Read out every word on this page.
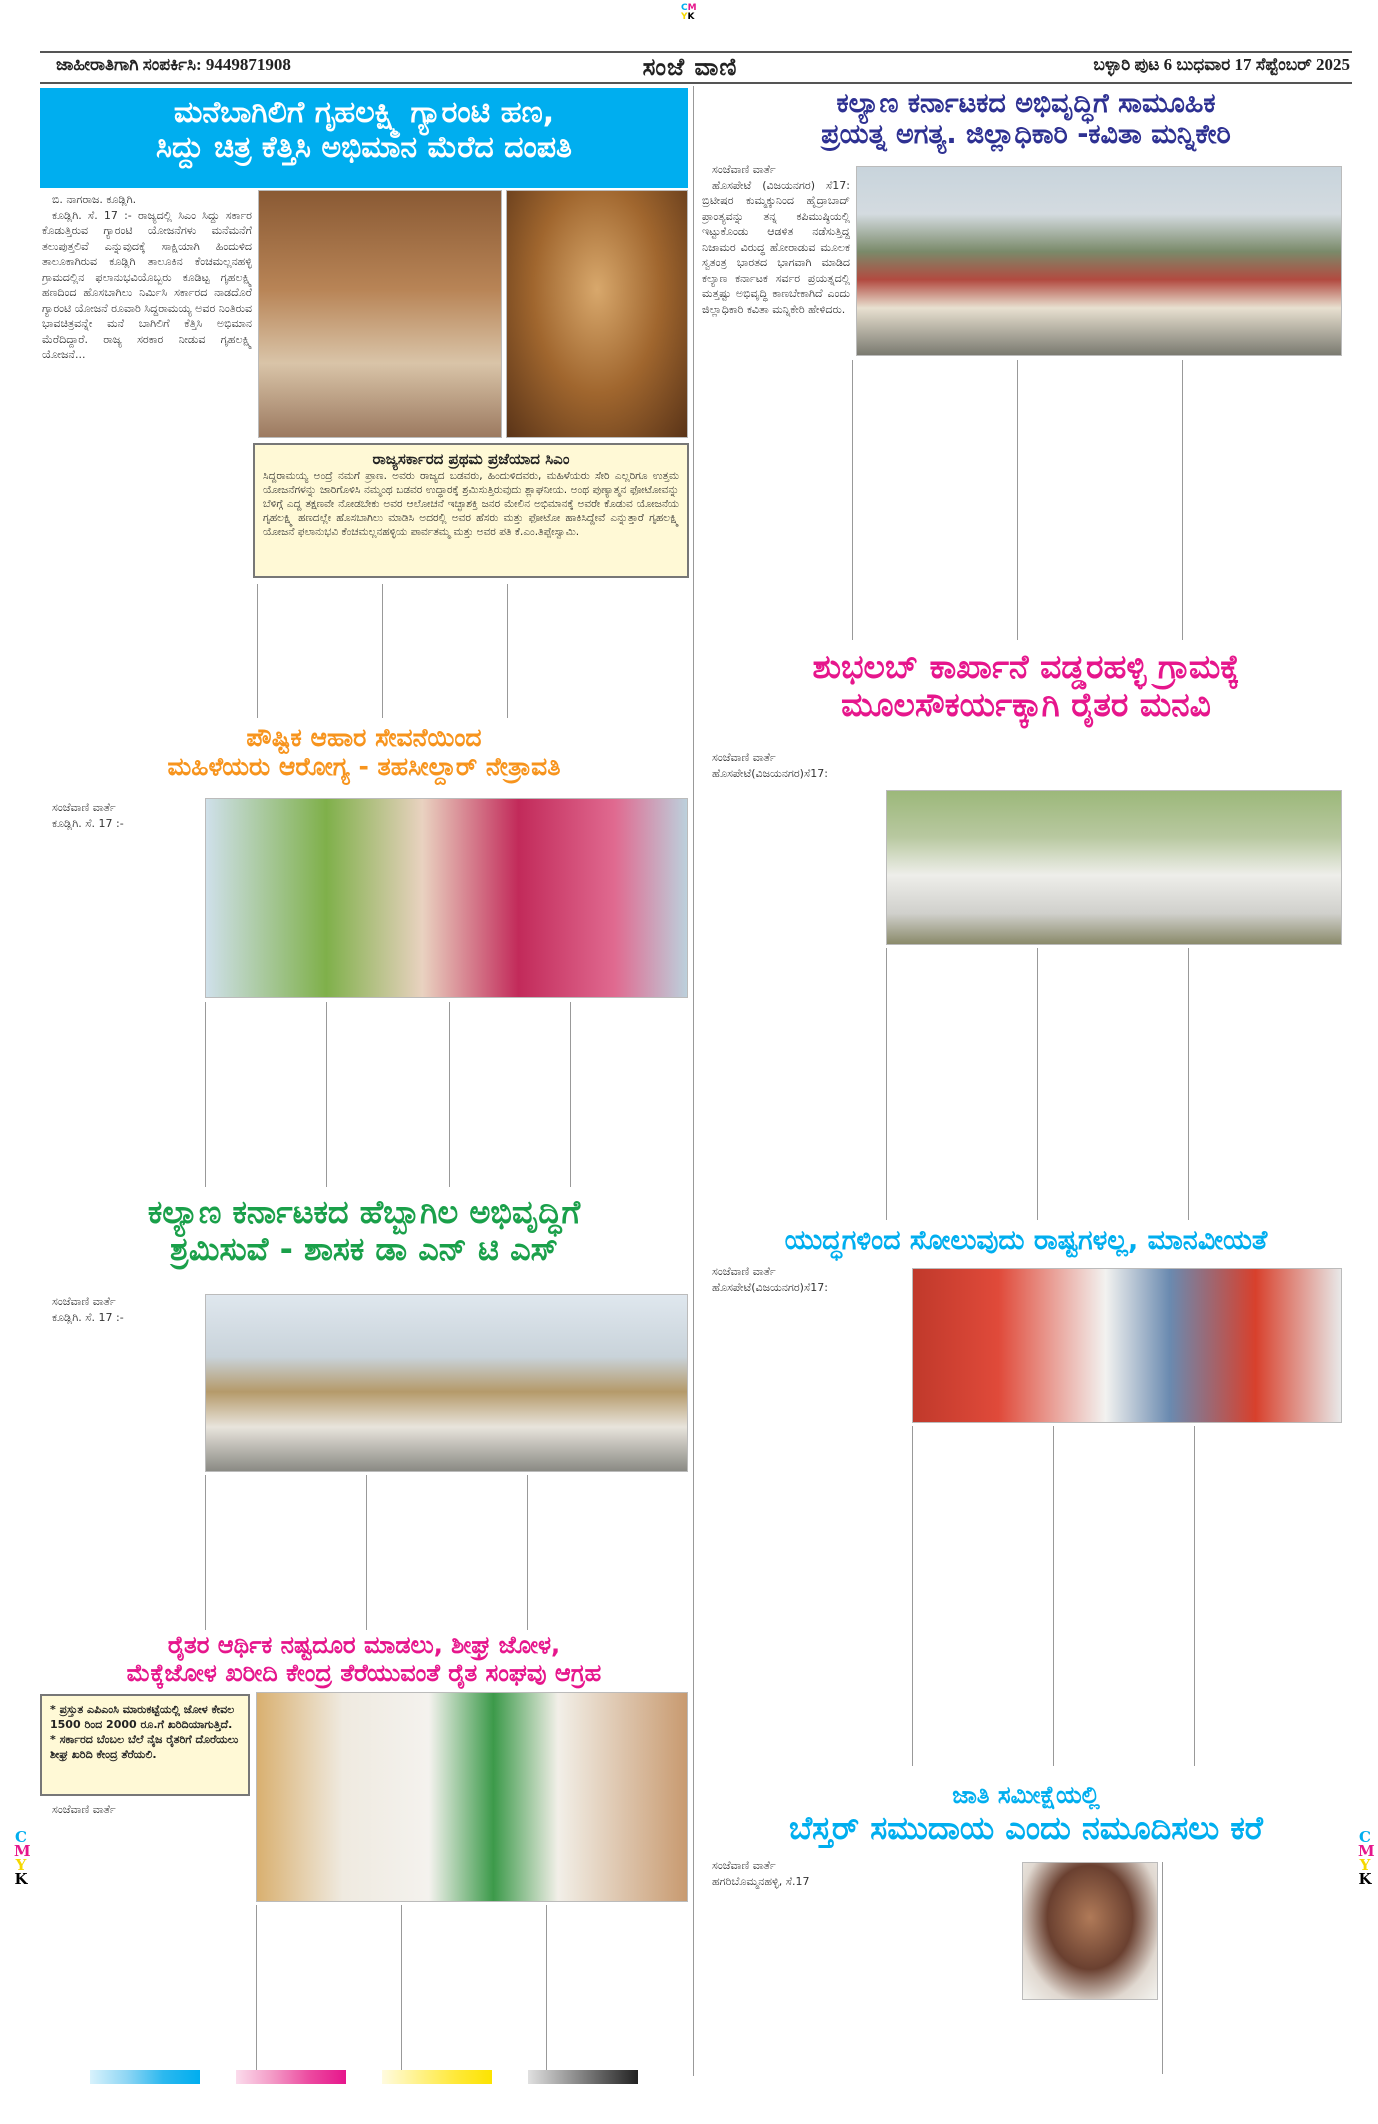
CM
YK
C
M
Y
K
C
M
Y
K
ಜಾಹೀರಾತಿಗಾಗಿ ಸಂಪರ್ಕಿಸಿ: 9449871908	ಸಂಜೆ ವಾಣಿ	ಬಳ್ಳಾರಿ ಪುಟ 6 ಬುಧವಾರ 17 ಸೆಪ್ಟೆಂಬರ್ 2025
ಮನೆಬಾಗಿಲಿಗೆ ಗೃಹಲಕ್ಷ್ಮಿ ಗ್ಯಾರಂಟಿ ಹಣ,
ಸಿದ್ದು ಚಿತ್ರ ಕೆತ್ತಿಸಿ ಅಭಿಮಾನ ಮೆರೆದ ದಂಪತಿ

ಬಿ. ನಾಗರಾಜ. ಕೂಡ್ಲಿಗಿ.

ಕೂಡ್ಲಿಗಿ. ಸೆ. 17 :- ರಾಜ್ಯದಲ್ಲಿ ಸಿಎಂ ಸಿದ್ದು ಸರ್ಕಾರ ಕೊಡುತ್ತಿರುವ ಗ್ಯಾರಂಟಿ ಯೋಜನೆಗಳು ಮನೆಮನೆಗೆ ತಲುಪುತ್ತಲಿವೆ ಎನ್ನುವುದಕ್ಕೆ ಸಾಕ್ಷಿಯಾಗಿ ಹಿಂದುಳಿದ ತಾಲೂಕಾಗಿರುವ ಕೂಡ್ಲಿಗಿ ತಾಲೂಕಿನ ಕೆಂಚಮಲ್ಲನಹಳ್ಳಿ ಗ್ರಾಮದಲ್ಲಿನ ಫಲಾನುಭವಿಯೊಬ್ಬರು ಕೂಡಿಟ್ಟ ಗೃಹಲಕ್ಷ್ಮಿ ಹಣದಿಂದ ಹೊಸಬಾಗಿಲು ನಿರ್ಮಿಸಿ ಸರ್ಕಾರದ ನಾಡದೊರೆ ಗ್ಯಾರಂಟಿ ಯೋಜನೆ ರೂವಾರಿ ಸಿದ್ದರಾಮಯ್ಯ ಅವರ ನಿಂತಿರುವ ಭಾವಚಿತ್ರವನ್ನೇ ಮನೆ ಬಾಗಿಲಿಗೆ ಕೆತ್ತಿಸಿ ಅಭಿಮಾನ ಮೆರೆದಿದ್ದಾರೆ. ರಾಜ್ಯ ಸರಕಾರ ನೀಡುವ ಗೃಹಲಕ್ಷ್ಮಿ ಯೋಜನೆ...

ರಾಜ್ಯಸರ್ಕಾರದ ಪ್ರಥಮ ಪ್ರಜೆಯಾದ ಸಿಎಂ
ಸಿದ್ದರಾಮಯ್ಯ ಅಂದ್ರೆ ನಮಗೆ ಪ್ರಾಣ. ಅವರು ರಾಜ್ಯದ ಬಡವರು, ಹಿಂದುಳಿದವರು, ಮಹಿಳೆಯರು ಸೇರಿ ಎಲ್ಲರಿಗೂ ಉತ್ತಮ ಯೋಜನೆಗಳನ್ನು ಜಾರಿಗೊಳಿಸಿ ನಮ್ಮಂಥ ಬಡವರ ಉದ್ಧಾರಕ್ಕೆ ಶ್ರಮಿಸುತ್ತಿರುವುದು ಶ್ಲಾಘನೀಯ. ಅಂಥ ಪುಣ್ಯಾತ್ಮನ ಫೋಟೋವನ್ನು ಬೆಳಿಗ್ಗೆ ಎದ್ದ ತಕ್ಷಣವೇ ನೋಡಬೇಕು ಅವರ ಆಲೋಚನೆ ಇಚ್ಛಾಶಕ್ತಿ ಜನರ ಮೇಲಿನ ಅಭಿಮಾನಕ್ಕೆ ಅವರೇ ಕೊಡುವ ಯೋಜನೆಯ ಗೃಹಲಕ್ಷ್ಮಿ ಹಣದಲ್ಲೇ ಹೊಸಬಾಗಿಲು ಮಾಡಿಸಿ ಅದರಲ್ಲಿ ಅವರ ಹೆಸರು ಮತ್ತು ಫೋಟೋ ಹಾಕಿಸಿದ್ದೇವೆ ಎನ್ನುತ್ತಾರೆ ಗೃಹಲಕ್ಷ್ಮಿ ಯೋಜನೆ ಫಲಾನುಭವಿ ಕೆಂಚಮಲ್ಲನಹಳ್ಳಿಯ ಪಾರ್ವತಮ್ಮ ಮತ್ತು ಅವರ ಪತಿ ಕೆ.ಎಂ.ತಿಪ್ಪೇಸ್ವಾಮಿ.
ಪೌಷ್ಟಿಕ ಆಹಾರ ಸೇವನೆಯಿಂದ
ಮಹಿಳೆಯರು ಆರೋಗ್ಯ - ತಹಸೀಲ್ದಾರ್ ನೇತ್ರಾವತಿ

ಸಂಜೆವಾಣಿ ವಾರ್ತೆ

ಕೂಡ್ಲಿಗಿ. ಸೆ. 17 :-

ಕಲ್ಯಾಣ ಕರ್ನಾಟಕದ ಹೆಬ್ಬಾಗಿಲ ಅಭಿವೃದ್ಧಿಗೆ
ಶ್ರಮಿಸುವೆ - ಶಾಸಕ ಡಾ ಎನ್ ಟಿ ಎಸ್

ಸಂಜೆವಾಣಿ ವಾರ್ತೆ

ಕೂಡ್ಲಿಗಿ. ಸೆ. 17 :-

ರೈತರ ಆರ್ಥಿಕ ನಷ್ಟದೂರ ಮಾಡಲು, ಶೀಘ್ರ ಜೋಳ,
ಮೆಕ್ಕೆಜೋಳ ಖರೀದಿ ಕೇಂದ್ರ ತೆರೆಯುವಂತೆ ರೈತ ಸಂಘವು ಆಗ್ರಹ
* ಪ್ರಸ್ತುತ ಎಪಿಎಂಸಿ ಮಾರುಕಟ್ಟೆಯಲ್ಲಿ ಜೋಳ ಕೇವಲ 1500 ರಿಂದ 2000 ರೂ.ಗೆ ಖರಿದಿಯಾಗುತ್ತಿದೆ.
* ಸರ್ಕಾರದ ಬೆಂಬಲ ಬೆಲೆ ನೈಜ ರೈತರಿಗೆ ದೊರೆಯಲು ಶೀಘ್ರ ಖರಿದಿ ಕೇಂದ್ರ ತೆರೆಯಲಿ.

ಸಂಜೆವಾಣಿ ವಾರ್ತೆ

ಕಲ್ಯಾಣ ಕರ್ನಾಟಕದ ಅಭಿವೃದ್ಧಿಗೆ ಸಾಮೂಹಿಕ
ಪ್ರಯತ್ನ ಅಗತ್ಯ. ಜಿಲ್ಲಾಧಿಕಾರಿ -ಕವಿತಾ ಮನ್ನಿಕೇರಿ

ಸಂಜೆವಾಣಿ ವಾರ್ತೆ

ಹೊಸಪೇಟೆ (ವಿಜಯನಗರ) ಸೆ17: ಬ್ರಿಟೀಷರ ಕುಮ್ಮಕ್ಕುನಿಂದ ಹೈದ್ರಾಬಾದ್ ಪ್ರಾಂತ್ಯವನ್ನು ತನ್ನ ಕಪಿಮುಷ್ಠಿಯಲ್ಲಿ ಇಟ್ಟುಕೊಂಡು ಆಡಳಿತ ನಡೆಸುತ್ತಿದ್ದ ನಿಜಾಮರ ವಿರುದ್ಧ ಹೋರಾಡುವ ಮೂಲಕ ಸ್ವತಂತ್ರ ಭಾರತದ ಭಾಗವಾಗಿ ಮಾಡಿದ ಕಲ್ಯಾಣ ಕರ್ನಾಟಕ ಸರ್ವರ ಪ್ರಯತ್ನದಲ್ಲಿ ಮತ್ತಷ್ಟು ಅಭಿವೃದ್ಧಿ ಕಾಣಬೇಕಾಗಿದೆ ಎಂದು ಜಿಲ್ಲಾಧಿಕಾರಿ ಕವಿತಾ ಮನ್ನಿಕೇರಿ ಹೇಳಿದರು.

ಶುಭಲಬ್ ಕಾರ್ಖಾನೆ ವಡ್ಡರಹಳ್ಳಿ ಗ್ರಾಮಕ್ಕೆ
ಮೂಲಸೌಕರ್ಯಕ್ಕಾಗಿ ರೈತರ ಮನವಿ

ಸಂಜೆವಾಣಿ ವಾರ್ತೆ

ಹೊಸಪೇಟೆ(ವಿಜಯನಗರ)ಸೆ17:

ಯುದ್ಧಗಳಿಂದ ಸೋಲುವುದು ರಾಷ್ಟಗಳಲ್ಲ, ಮಾನವೀಯತೆ

ಸಂಜೆವಾಣಿ ವಾರ್ತೆ

ಹೊಸಪೇಟೆ(ವಿಜಯನಗರ)ಸೆ17:

ಜಾತಿ ಸಮೀಕ್ಷೆಯಲ್ಲಿ
ಬೆಸ್ತರ್ ಸಮುದಾಯ ಎಂದು ನಮೂದಿಸಲು ಕರೆ

ಸಂಜೆವಾಣಿ ವಾರ್ತೆ

ಹಗರಿಬೊಮ್ಮನಹಳ್ಳಿ, ಸೆ.17
